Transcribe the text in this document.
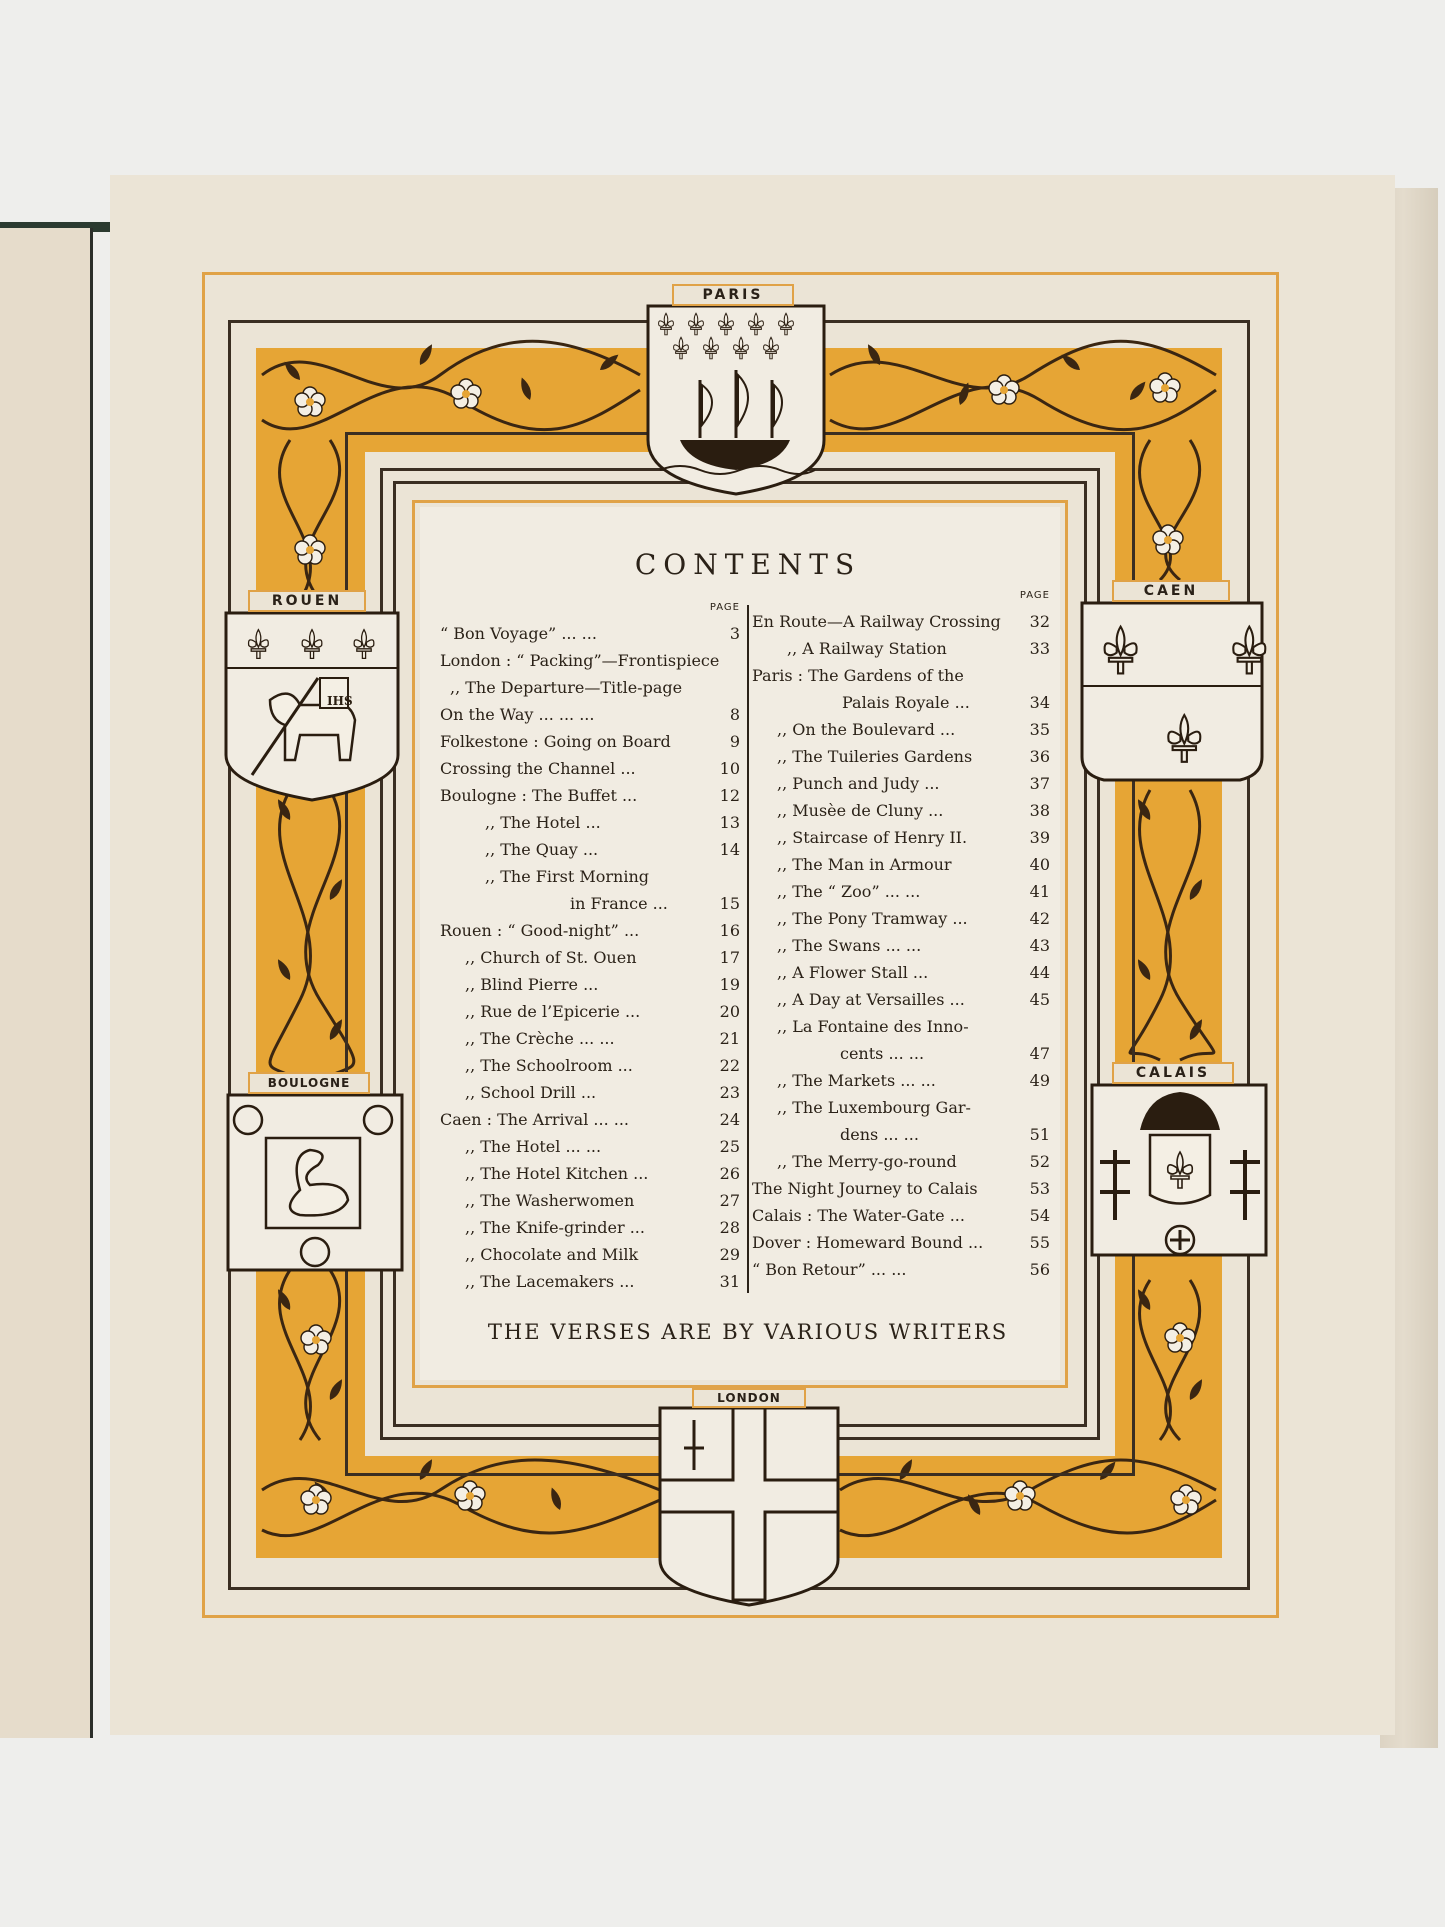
PARIS
ROUEN
CAEN
BOULOGNE
CALAIS
LONDON
IHS
CONTENTS
PAGE
“ Bon Voyage” ... ...	3
London : “ Packing”—Frontispiece
,, The Departure—Title-page
On the Way ... ... ...	8
Folkestone : Going on Board	9
Crossing the Channel ...	10
Boulogne : The Buffet ...	12
,, The Hotel ...	13
,, The Quay ...	14
,, The First Morning
in France ...	15
Rouen : “ Good-night” ...	16
,, Church of St. Ouen	17
,, Blind Pierre ...	19
,, Rue de l’Epicerie ...	20
,, The Crèche ... ...	21
,, The Schoolroom ...	22
,, School Drill ...	23
Caen : The Arrival ... ...	24
,, The Hotel ... ...	25
,, The Hotel Kitchen ...	26
,, The Washerwomen	27
,, The Knife-grinder ...	28
,, Chocolate and Milk	29
,, The Lacemakers ...	31
PAGE
En Route—A Railway Crossing 32
,, A Railway Station	33
Paris : The Gardens of the
Palais Royale ...	34
,, On the Boulevard ...	35
,, The Tuileries Gardens	36
,, Punch and Judy ...	37
,, Musèe de Cluny ...	38
,, Staircase of Henry II.	39
,, The Man in Armour	40
,, The “ Zoo” ... ...	41
,, The Pony Tramway ...	42
,, The Swans ... ...	43
,, A Flower Stall ...	44
,, A Day at Versailles ...	45
,, La Fontaine des Inno-
cents ... ...	47
,, The Markets ... ...	49
,, The Luxembourg Gar-
dens ... ...	51
,, The Merry-go-round	52
The Night Journey to Calais	53
Calais : The Water-Gate ...	54
Dover : Homeward Bound ...	55
“ Bon Retour” ... ...	56
THE VERSES ARE BY VARIOUS WRITERS
